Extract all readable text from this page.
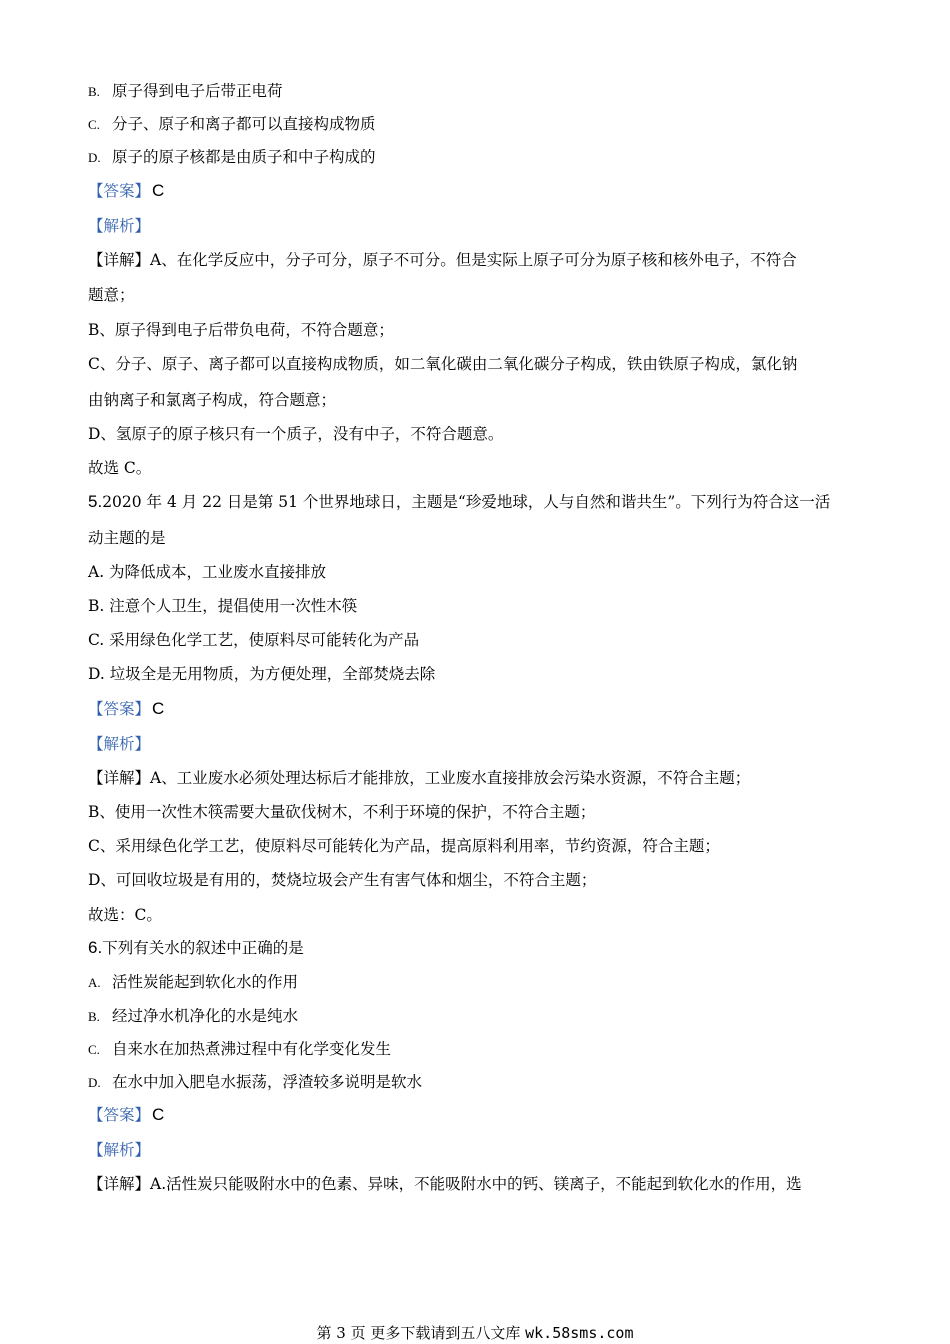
B. 原子得到电子后带正电荷
C. 分子、原子和离子都可以直接构成物质
D. 原子的原子核都是由质子和中子构成的
【答案】 C
【解析】
【详解】A、在化学反应中，分子可分，原子不可分。但是实际上原子可分为原子核和核外电子，不符合
题意；
B、原子得到电子后带负电荷，不符合题意；
C、分子、原子、离子都可以直接构成物质，如二氧化碳由二氧化碳分子构成，铁由铁原子构成，氯化钠
由钠离子和氯离子构成，符合题意；
D、氢原子的原子核只有一个质子，没有中子，不符合题意。
故选 C。
5.2020 年 4 月 22 日是第 51 个世界地球日，主题是“珍爱地球，人与自然和谐共生”。下列行为符合这一活
动主题的是
A. 为降低成本，工业废水直接排放
B. 注意个人卫生，提倡使用一次性木筷
C. 采用绿色化学工艺，使原料尽可能转化为产品
D. 垃圾全是无用物质，为方便处理，全部焚烧去除
【答案】 C
【解析】
【详解】A、工业废水必须处理达标后才能排放，工业废水直接排放会污染水资源，不符合主题；
B、使用一次性木筷需要大量砍伐树木，不利于环境的保护，不符合主题；
C、采用绿色化学工艺，使原料尽可能转化为产品，提高原料利用率，节约资源，符合主题；
D、可回收垃圾是有用的，焚烧垃圾会产生有害气体和烟尘，不符合主题；
故选：C。
6.下列有关水的叙述中正确的是
A. 活性炭能起到软化水的作用
B. 经过净水机净化的水是纯水
C. 自来水在加热煮沸过程中有化学变化发生
D. 在水中加入肥皂水振荡，浮渣较多说明是软水
【答案】 C
【解析】
【详解】A.活性炭只能吸附水中的色素、异味，不能吸附水中的钙、镁离子，不能起到软化水的作用，选
第 3 页 更多下载请到五八文库 wk.58sms.com
